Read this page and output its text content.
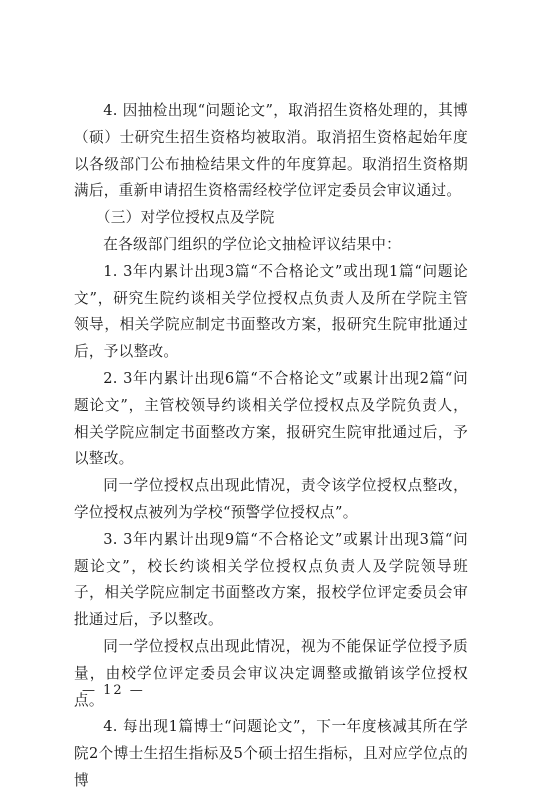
4. 因抽检出现“问题论文”，取消招生资格处理的，其博（硕）士研究生招生资格均被取消。取消招生资格起始年度以各级部门公布抽检结果文件的年度算起。取消招生资格期满后，重新申请招生资格需经校学位评定委员会审议通过。

（三）对学位授权点及学院

在各级部门组织的学位论文抽检评议结果中：

1. 3年内累计出现3篇“不合格论文”或出现1篇“问题论文”，研究生院约谈相关学位授权点负责人及所在学院主管领导，相关学院应制定书面整改方案，报研究生院审批通过后，予以整改。

2. 3年内累计出现6篇“不合格论文”或累计出现2篇“问题论文”，主管校领导约谈相关学位授权点及学院负责人，相关学院应制定书面整改方案，报研究生院审批通过后，予以整改。

同一学位授权点出现此情况，责令该学位授权点整改，学位授权点被列为学校“预警学位授权点”。

3. 3年内累计出现9篇“不合格论文”或累计出现3篇“问题论文”，校长约谈相关学位授权点负责人及学院领导班子，相关学院应制定书面整改方案，报校学位评定委员会审批通过后，予以整改。

同一学位授权点出现此情况，视为不能保证学位授予质量，由校学位评定委员会审议决定调整或撤销该学位授权点。

4. 每出现1篇博士“问题论文”，下一年度核减其所在学院2个博士生招生指标及5个硕士招生指标，且对应学位点的博

— 12 —
